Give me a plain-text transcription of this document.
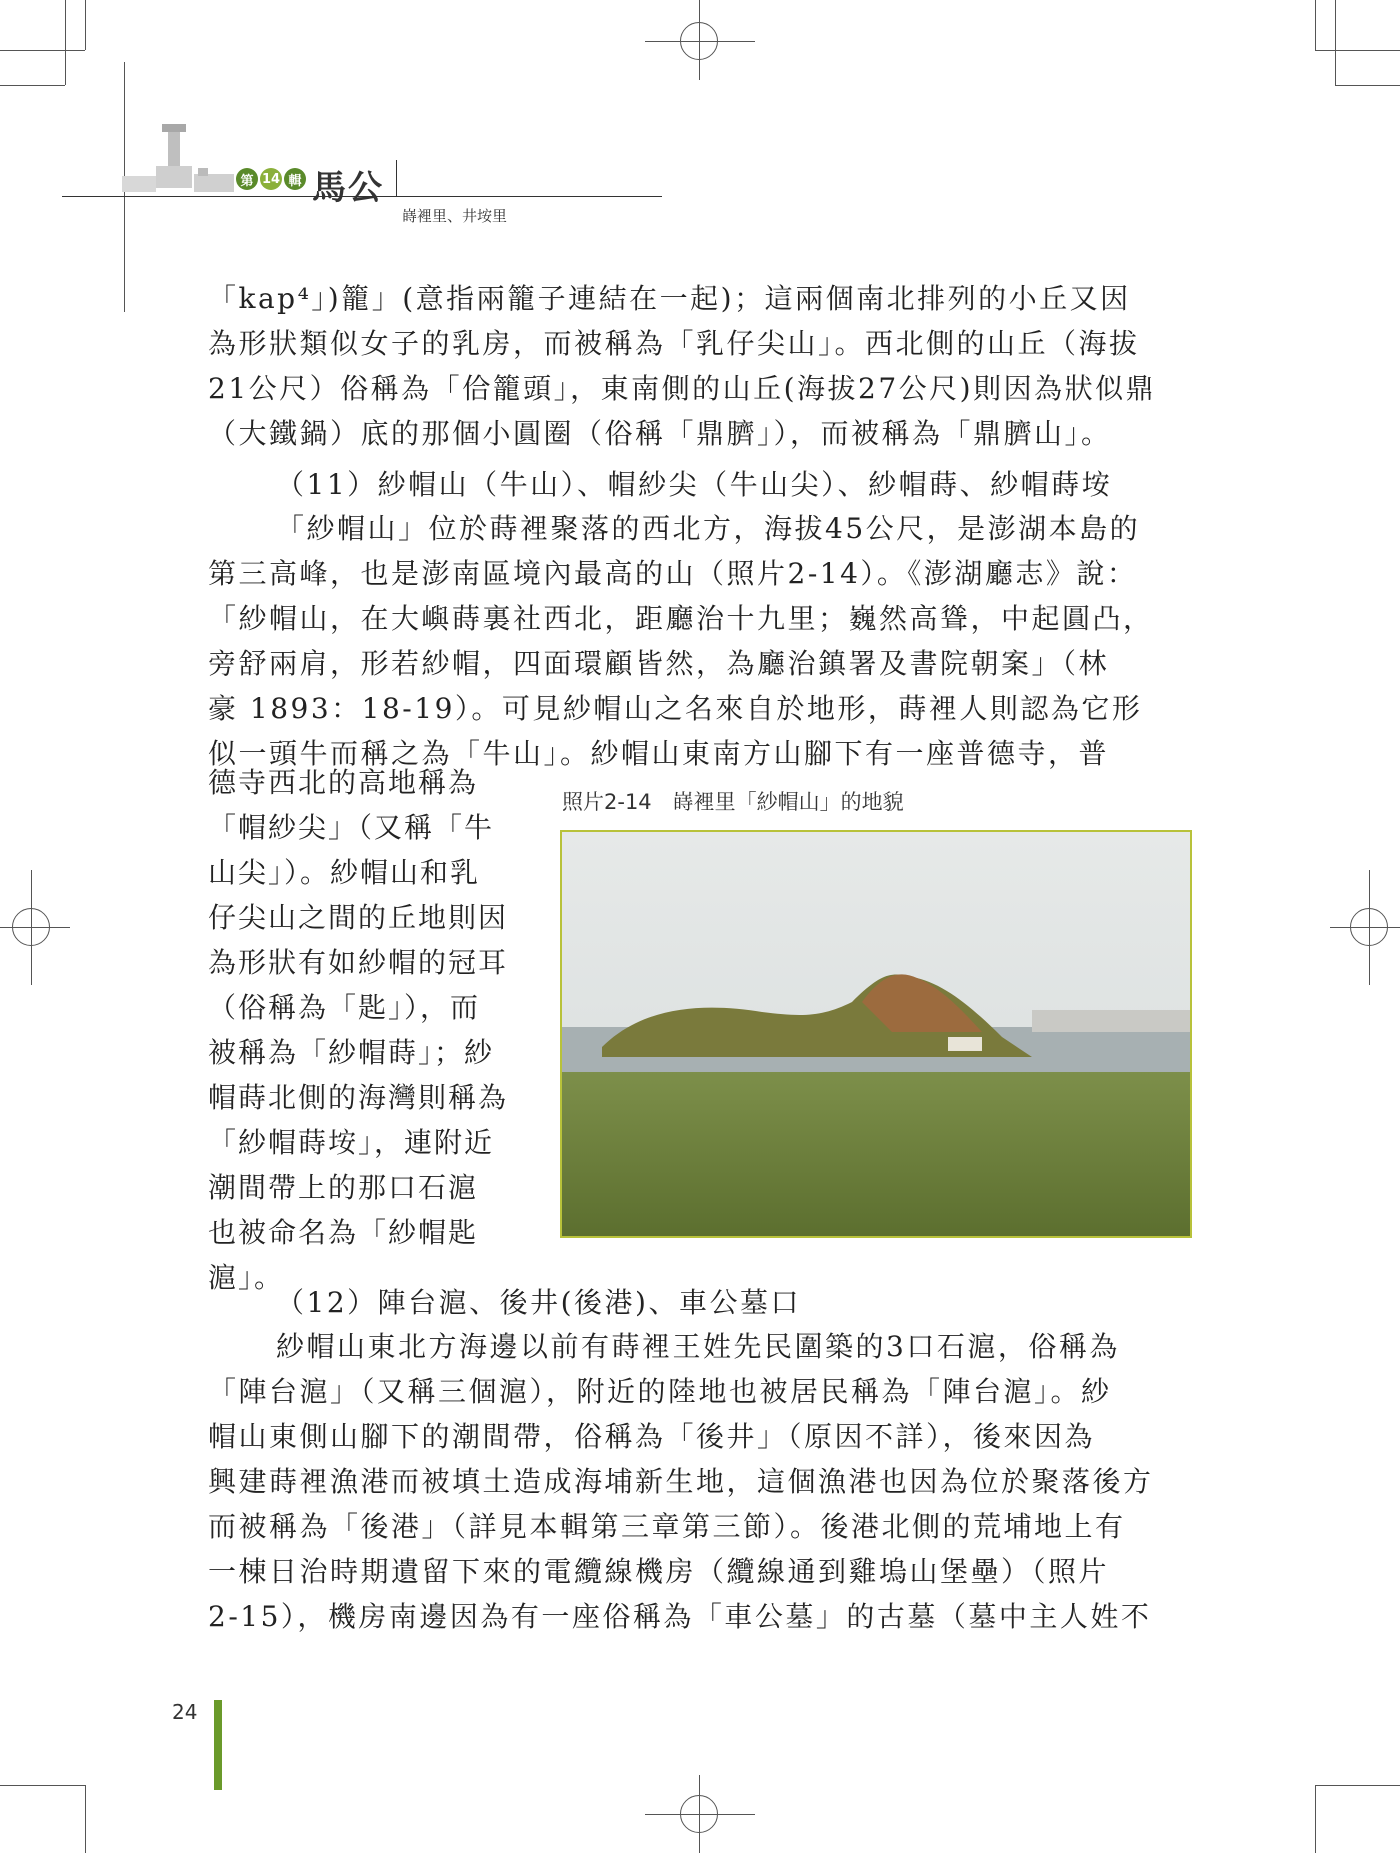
第 14 輯 馬公
嵵裡里、井垵里

「kap⁴」)籠」(意指兩籠子連結在一起)；這兩個南北排列的小丘又因

為形狀類似女子的乳房，而被稱為「乳仔尖山」。西北側的山丘（海拔

21公尺）俗稱為「佮籠頭」，東南側的山丘(海拔27公尺)則因為狀似鼎

（大鐵鍋）底的那個小圓圈（俗稱「鼎臍」），而被稱為「鼎臍山」。

（11）紗帽山（牛山）、帽紗尖（牛山尖）、紗帽蒔、紗帽蒔垵

「紗帽山」位於蒔裡聚落的西北方，海拔45公尺，是澎湖本島的

第三高峰，也是澎南區境內最高的山（照片2-14）。《澎湖廳志》說：

「紗帽山，在大嶼蒔裏社西北，距廳治十九里；巍然高聳，中起圓凸，

旁舒兩肩，形若紗帽，四面環顧皆然，為廳治鎮署及書院朝案」（林

豪 1893：18-19）。可見紗帽山之名來自於地形，蒔裡人則認為它形

似一頭牛而稱之為「牛山」。紗帽山東南方山腳下有一座普德寺，普

德寺西北的高地稱為
「帽紗尖」（又稱「牛
山尖」）。紗帽山和乳
仔尖山之間的丘地則因
為形狀有如紗帽的冠耳
（俗稱為「匙」），而
被稱為「紗帽蒔」；紗
帽蒔北側的海灣則稱為
「紗帽蒔垵」，連附近
潮間帶上的那口石滬
也被命名為「紗帽匙
滬」。
照片2-14　嵵裡里「紗帽山」的地貌

（12）陣台滬、後井(後港)、車公墓口

紗帽山東北方海邊以前有蒔裡王姓先民圍築的3口石滬，俗稱為

「陣台滬」（又稱三個滬），附近的陸地也被居民稱為「陣台滬」。紗

帽山東側山腳下的潮間帶，俗稱為「後井」（原因不詳），後來因為

興建蒔裡漁港而被填土造成海埔新生地，這個漁港也因為位於聚落後方

而被稱為「後港」（詳見本輯第三章第三節）。後港北側的荒埔地上有

一棟日治時期遺留下來的電纜線機房（纜線通到雞塢山堡壘）（照片

2-15），機房南邊因為有一座俗稱為「車公墓」的古墓（墓中主人姓不

24
